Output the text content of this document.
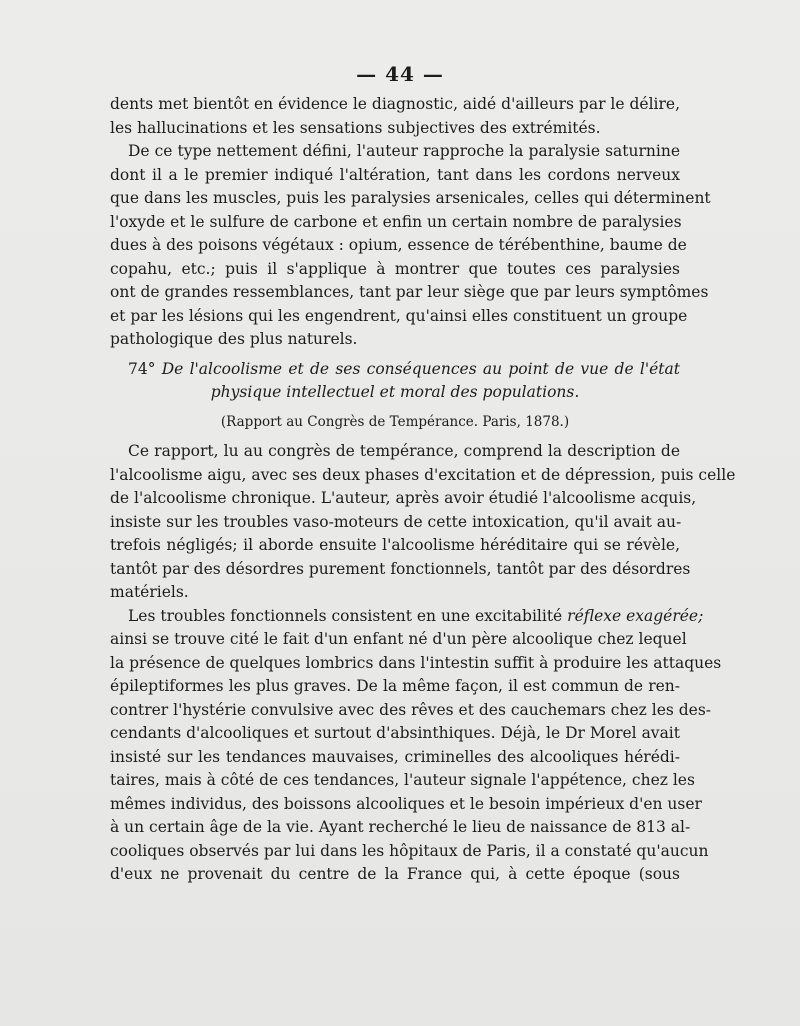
— 44 —
dents met bientôt en évidence le diagnostic, aidé d'ailleurs par le délire,
les hallucinations et les sensations subjectives des extrémités.
De ce type nettement défini, l'auteur rapproche la paralysie saturnine
dont il a le premier indiqué l'altération, tant dans les cordons nerveux
que dans les muscles, puis les paralysies arsenicales, celles qui déterminent
l'oxyde et le sulfure de carbone et enfin un certain nombre de paralysies
dues à des poisons végétaux : opium, essence de térébenthine, baume de
copahu, etc.; puis il s'applique à montrer que toutes ces paralysies
ont de grandes ressemblances, tant par leur siège que par leurs symptômes
et par les lésions qui les engendrent, qu'ainsi elles constituent un groupe
pathologique des plus naturels.
74° De l'alcoolisme et de ses conséquences au point de vue de l'état
physique intellectuel et moral des populations.
(Rapport au Congrès de Tempérance. Paris, 1878.)
Ce rapport, lu au congrès de tempérance, comprend la description de
l'alcoolisme aigu, avec ses deux phases d'excitation et de dépression, puis celle
de l'alcoolisme chronique. L'auteur, après avoir étudié l'alcoolisme acquis,
insiste sur les troubles vaso-moteurs de cette intoxication, qu'il avait au-
trefois négligés; il aborde ensuite l'alcoolisme héréditaire qui se révèle,
tantôt par des désordres purement fonctionnels, tantôt par des désordres
matériels.
Les troubles fonctionnels consistent en une excitabilité réflexe exagérée;
ainsi se trouve cité le fait d'un enfant né d'un père alcoolique chez lequel
la présence de quelques lombrics dans l'intestin suffit à produire les attaques
épileptiformes les plus graves. De la même façon, il est commun de ren-
contrer l'hystérie convulsive avec des rêves et des cauchemars chez les des-
cendants d'alcooliques et surtout d'absinthiques. Déjà, le Dr Morel avait
insisté sur les tendances mauvaises, criminelles des alcooliques hérédi-
taires, mais à côté de ces tendances, l'auteur signale l'appétence, chez les
mêmes individus, des boissons alcooliques et le besoin impérieux d'en user
à un certain âge de la vie. Ayant recherché le lieu de naissance de 813 al-
cooliques observés par lui dans les hôpitaux de Paris, il a constaté qu'aucun
d'eux ne provenait du centre de la France qui, à cette époque (sous
